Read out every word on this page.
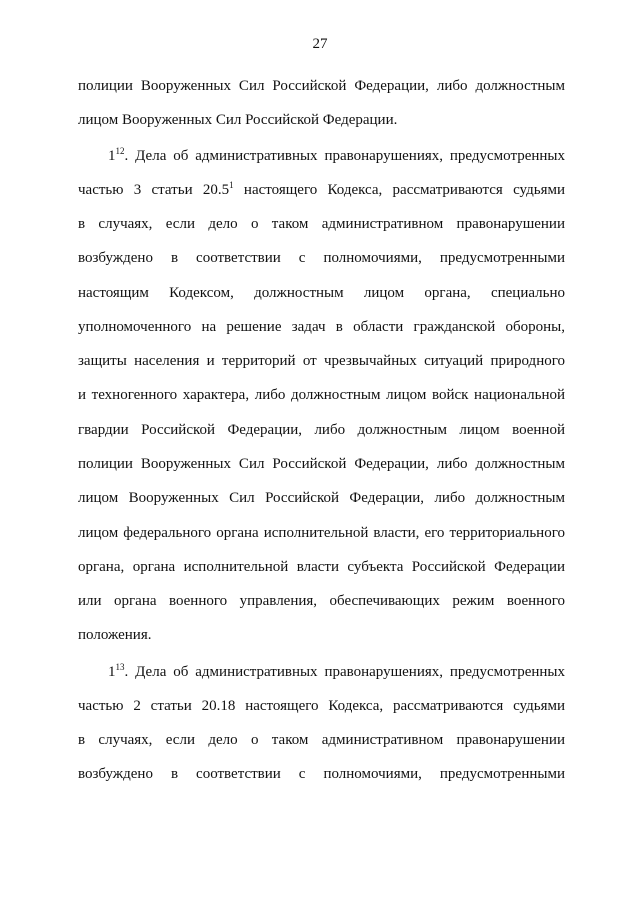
27
полиции Вооруженных Сил Российской Федерации, либо должностным
лицом Вооруженных Сил Российской Федерации.
$1^{12}$. Дела об административных правонарушениях, предусмотренных
частью 3 статьи 20.5$^1$ настоящего Кодекса, рассматриваются судьями
в случаях, если дело о таком административном правонарушении
возбуждено в соответствии с полномочиями, предусмотренными
настоящим Кодексом, должностным лицом органа, специально
уполномоченного на решение задач в области гражданской обороны,
защиты населения и территорий от чрезвычайных ситуаций природного
и техногенного характера, либо должностным лицом войск национальной
гвардии Российской Федерации, либо должностным лицом военной
полиции Вооруженных Сил Российской Федерации, либо должностным
лицом Вооруженных Сил Российской Федерации, либо должностным
лицом федерального органа исполнительной власти, его территориального
органа, органа исполнительной власти субъекта Российской Федерации
или органа военного управления, обеспечивающих режим военного
положения.
$1^{13}$. Дела об административных правонарушениях, предусмотренных
частью 2 статьи 20.18 настоящего Кодекса, рассматриваются судьями
в случаях, если дело о таком административном правонарушении
возбуждено в соответствии с полномочиями, предусмотренными
